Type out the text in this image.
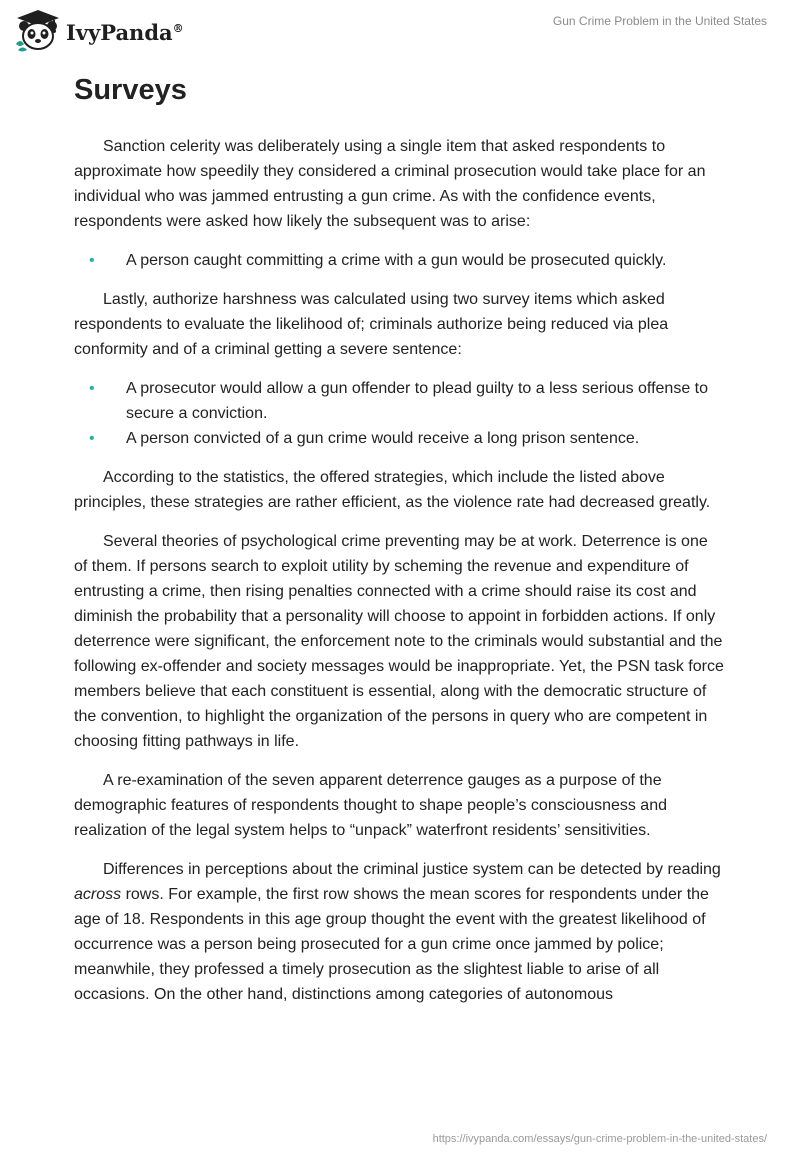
IvyPanda®	Gun Crime Problem in the United States
Surveys

Sanction celerity was deliberately using a single item that asked respondents to approximate how speedily they considered a criminal prosecution would take place for an individual who was jammed entrusting a gun crime. As with the confidence events, respondents were asked how likely the subsequent was to arise:

• A person caught committing a crime with a gun would be prosecuted quickly.

Lastly, authorize harshness was calculated using two survey items which asked respondents to evaluate the likelihood of; criminals authorize being reduced via plea conformity and of a criminal getting a severe sentence:

• A prosecutor would allow a gun offender to plead guilty to a less serious offense to secure a conviction.
• A person convicted of a gun crime would receive a long prison sentence.

According to the statistics, the offered strategies, which include the listed above principles, these strategies are rather efficient, as the violence rate had decreased greatly.

Several theories of psychological crime preventing may be at work. Deterrence is one of them. If persons search to exploit utility by scheming the revenue and expenditure of entrusting a crime, then rising penalties connected with a crime should raise its cost and diminish the probability that a personality will choose to appoint in forbidden actions. If only deterrence were significant, the enforcement note to the criminals would substantial and the following ex-offender and society messages would be inappropriate. Yet, the PSN task force members believe that each constituent is essential, along with the democratic structure of the convention, to highlight the organization of the persons in query who are competent in choosing fitting pathways in life.

A re-examination of the seven apparent deterrence gauges as a purpose of the demographic features of respondents thought to shape people’s consciousness and realization of the legal system helps to “unpack” waterfront residents’ sensitivities.

Differences in perceptions about the criminal justice system can be detected by reading across rows. For example, the first row shows the mean scores for respondents under the age of 18. Respondents in this age group thought the event with the greatest likelihood of occurrence was a person being prosecuted for a gun crime once jammed by police; meanwhile, they professed a timely prosecution as the slightest liable to arise of all occasions. On the other hand, distinctions among categories of autonomous

https://ivypanda.com/essays/gun-crime-problem-in-the-united-states/
